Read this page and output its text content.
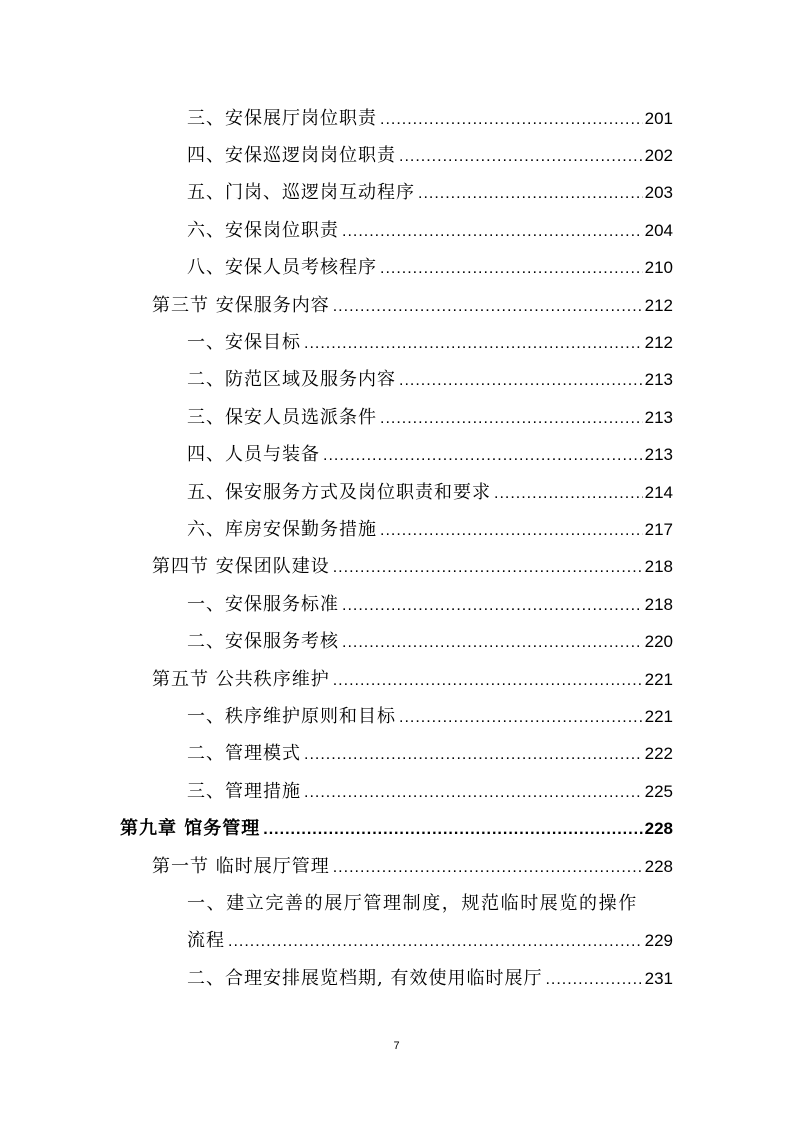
三、安保展厅岗位职责 .....	201
四、安保巡逻岗岗位职责 .....	202
五、门岗、巡逻岗互动程序 .....	203
六、安保岗位职责 .....	204
八、安保人员考核程序 .....	210
第三节 安保服务内容 .....	212
一、安保目标 .....	212
二、防范区域及服务内容 .....	213
三、保安人员选派条件 .....	213
四、人员与装备 .....	213
五、保安服务方式及岗位职责和要求 .....	214
六、库房安保勤务措施 .....	217
第四节 安保团队建设 .....	218
一、安保服务标准 .....	218
二、安保服务考核 .....	220
第五节 公共秩序维护 .....	221
一、秩序维护原则和目标 .....	221
二、管理模式 .....	222
三、管理措施 .....	225
第九章 馆务管理 .....	228
第一节 临时展厅管理 .....	228
一、建立完善的展厅管理制度，规范临时展览的操作
流程 .....	229
二、合理安排展览档期, 有效使用临时展厅 .....	231
7
